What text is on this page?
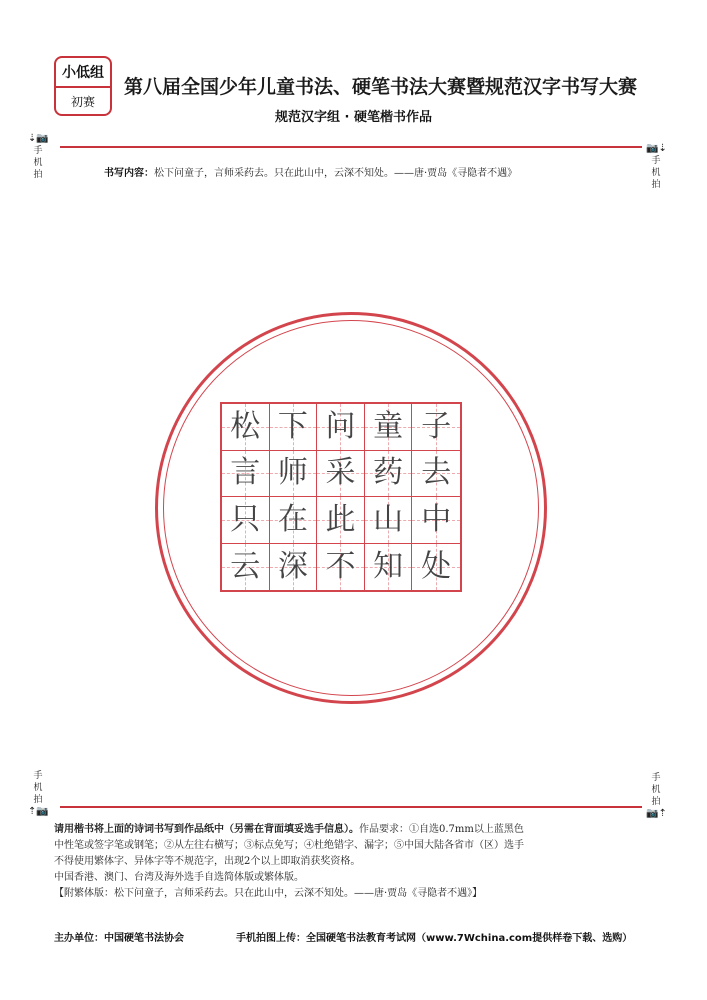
小低组
初赛
第八届全国少年儿童书法、硬笔书法大赛暨规范汉字书写大赛
规范汉字组 · 硬笔楷书作品
⇣📷
手
机
拍
📷⇣
手
机
拍
手
机
拍
⇡📷
手
机
拍
📷⇡
书写内容：松下问童子，言师采药去。只在此山中，云深不知处。——唐·贾岛《寻隐者不遇》
松 下 问 童 子
言 师 采 药 去
只 在 此 山 中
云 深 不 知 处

请用楷书将上面的诗词书写到作品纸中（另需在背面填妥选手信息）。作品要求：①自选0.7mm以上蓝黑色

中性笔或签字笔或钢笔；②从左往右横写；③标点免写；④杜绝错字、漏字；⑤中国大陆各省市（区）选手

不得使用繁体字、异体字等不规范字，出现2个以上即取消获奖资格。

中国香港、澳门、台湾及海外选手自选简体版或繁体版。

【附繁体版：松下问童子，言师采药去。只在此山中，云深不知处。——唐·贾岛《寻隐者不遇》】

主办单位：中国硬笔书法协会	手机拍图上传：全国硬笔书法教育考试网（www.7Wchina.com提供样卷下载、选购）
